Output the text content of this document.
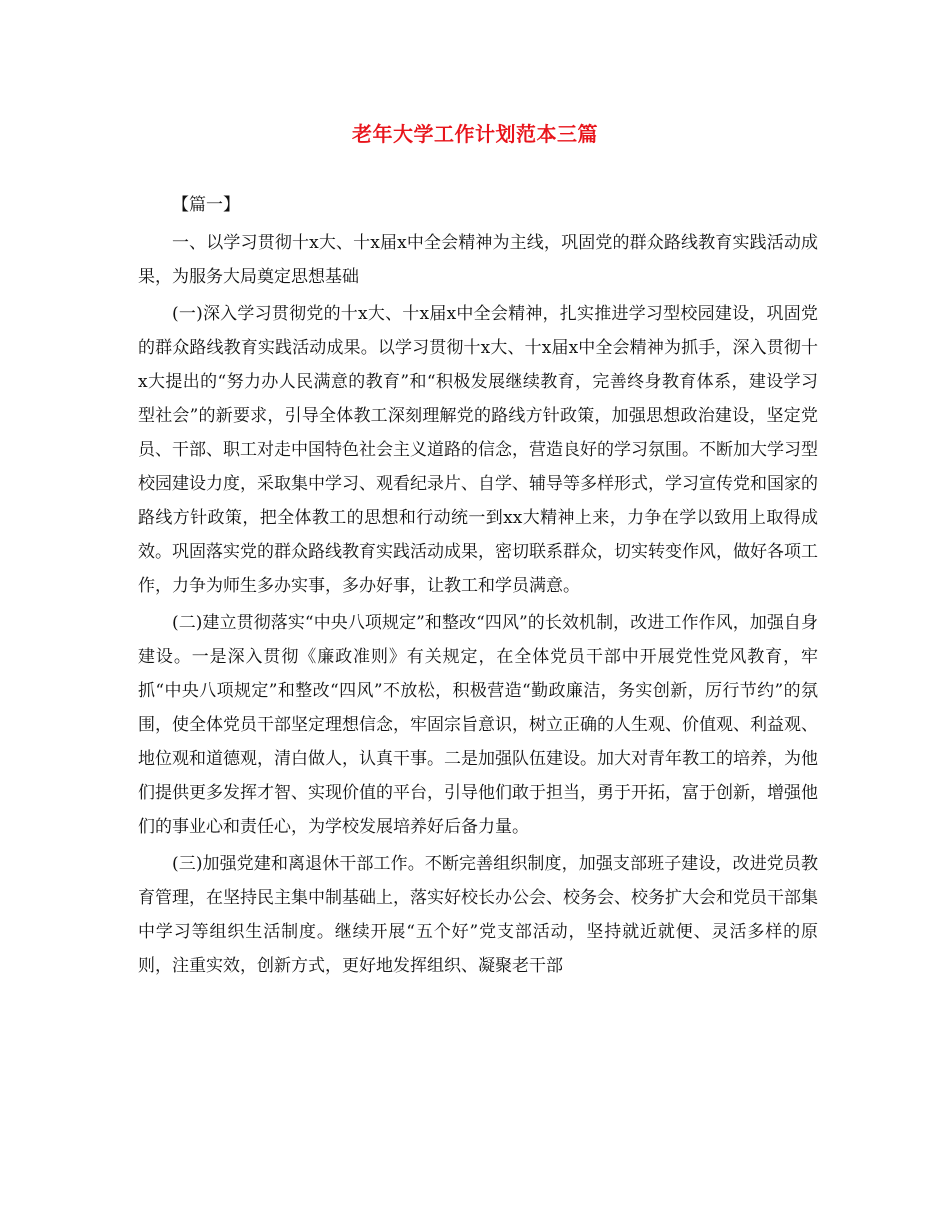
老年大学工作计划范本三篇

【篇一】

一、以学习贯彻十x大、十x届x中全会精神为主线，巩固党的群众路线教育实践活动成果，为服务大局奠定思想基础

(一)深入学习贯彻党的十x大、十x届x中全会精神，扎实推进学习型校园建设，巩固党的群众路线教育实践活动成果。以学习贯彻十x大、十x届x中全会精神为抓手，深入贯彻十x大提出的“努力办人民满意的教育”和“积极发展继续教育，完善终身教育体系，建设学习型社会”的新要求，引导全体教工深刻理解党的路线方针政策，加强思想政治建设，坚定党员、干部、职工对走中国特色社会主义道路的信念，营造良好的学习氛围。不断加大学习型校园建设力度，采取集中学习、观看纪录片、自学、辅导等多样形式，学习宣传党和国家的路线方针政策，把全体教工的思想和行动统一到xx大精神上来，力争在学以致用上取得成效。巩固落实党的群众路线教育实践活动成果，密切联系群众，切实转变作风，做好各项工作，力争为师生多办实事，多办好事，让教工和学员满意。

(二)建立贯彻落实“中央八项规定”和整改“四风”的长效机制，改进工作作风，加强自身建设。一是深入贯彻《廉政准则》有关规定，在全体党员干部中开展党性党风教育，牢抓“中央八项规定”和整改“四风”不放松，积极营造“勤政廉洁，务实创新，厉行节约”的氛围，使全体党员干部坚定理想信念，牢固宗旨意识，树立正确的人生观、价值观、利益观、地位观和道德观，清白做人，认真干事。二是加强队伍建设。加大对青年教工的培养，为他们提供更多发挥才智、实现价值的平台，引导他们敢于担当，勇于开拓，富于创新，增强他们的事业心和责任心，为学校发展培养好后备力量。

(三)加强党建和离退休干部工作。不断完善组织制度，加强支部班子建设，改进党员教育管理，在坚持民主集中制基础上，落实好校长办公会、校务会、校务扩大会和党员干部集中学习等组织生活制度。继续开展“五个好”党支部活动，坚持就近就便、灵活多样的原则，注重实效，创新方式，更好地发挥组织、凝聚老干部
